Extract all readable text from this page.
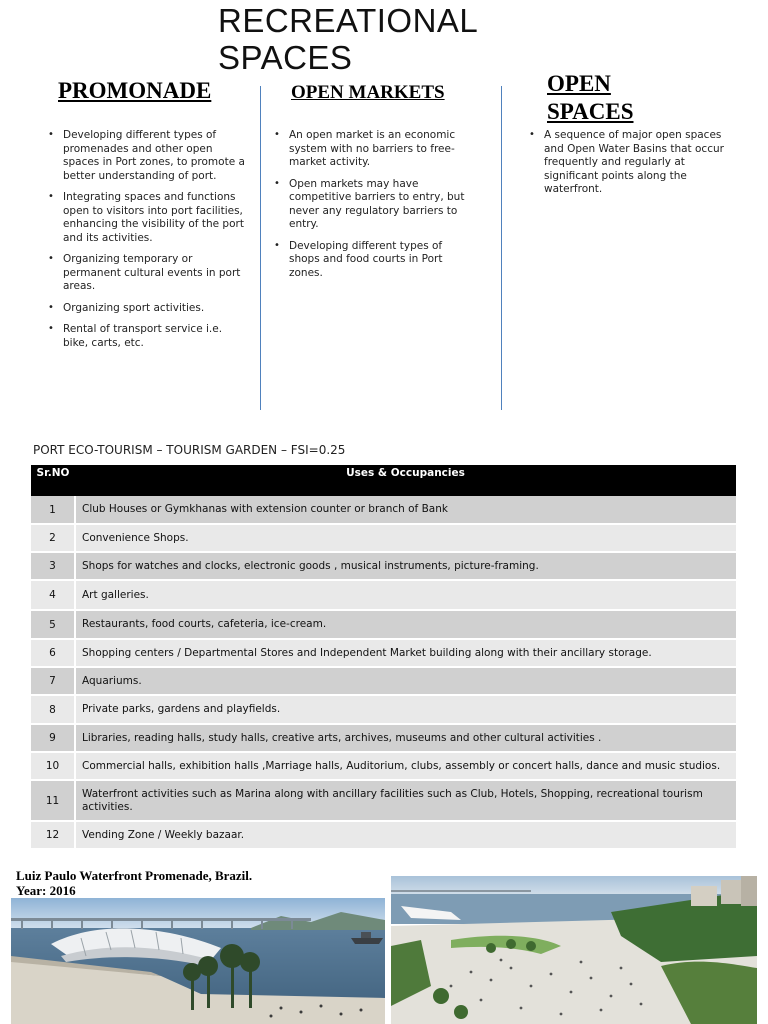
RECREATIONAL SPACES
PROMONADE	OPEN MARKETS	OPEN SPACES
• Developing different types of promenades and other open spaces in Port zones, to promote a better understanding of port.
• Integrating spaces and functions open to visitors into port facilities, enhancing the visibility of the port and its activities.
• Organizing temporary or permanent cultural events in port areas.
• Organizing sport activities.
• Rental of transport service i.e. bike, carts, etc.
• An open market is an economic system with no barriers to free-market activity.
• Open markets may have competitive barriers to entry, but never any regulatory barriers to entry.
• Developing different types of shops and food courts in Port zones.
• A sequence of major open spaces and Open Water Basins that occur frequently and regularly at significant points along the waterfront.
PORT ECO-TOURISM – TOURISM GARDEN – FSI=0.25
Sr.NO	Uses & Occupancies
1	Club Houses or Gymkhanas with extension counter or branch of Bank
2	Convenience Shops.
3	Shops for watches and clocks, electronic goods , musical instruments, picture-framing.
4	Art galleries.
5	Restaurants, food courts, cafeteria, ice-cream.
6	Shopping centers / Departmental Stores and Independent Market building along with their ancillary storage.
7	Aquariums.
8	Private parks, gardens and playfields.
9	Libraries, reading halls, study halls, creative arts, archives, museums and other cultural activities .
10	Commercial halls, exhibition halls ,Marriage halls, Auditorium, clubs, assembly or concert halls, dance and music studios.
11	Waterfront activities such as Marina along with ancillary facilities such as Club, Hotels, Shopping, recreational tourism activities.
12	Vending Zone / Weekly bazaar.
Luiz Paulo Waterfront Promenade, Brazil.
Year: 2016
